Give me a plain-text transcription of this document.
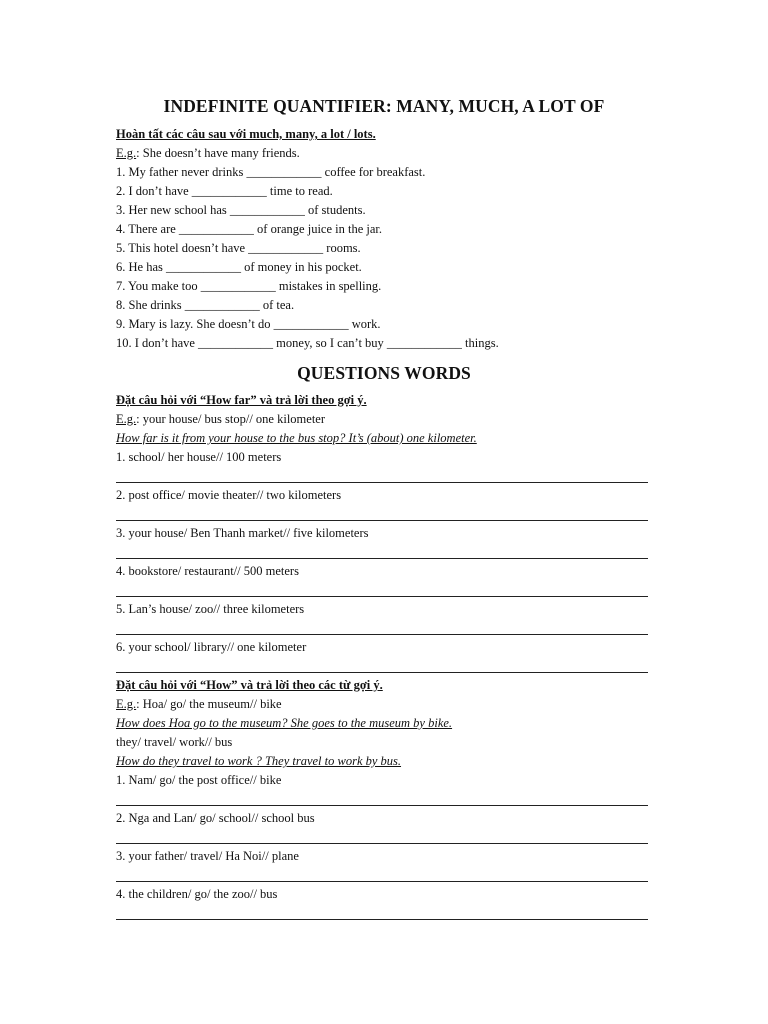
INDEFINITE QUANTIFIER: MANY, MUCH, A LOT OF
Hoàn tất các câu sau với much, many, a lot / lots.
E.g.: She doesn’t have many friends.
1. My father never drinks ____________ coffee for breakfast.
2. I don’t have ____________ time to read.
3. Her new school has ____________ of students.
4. There are ____________ of orange juice in the jar.
5. This hotel doesn’t have ____________ rooms.
6. He has ____________ of money in his pocket.
7. You make too ____________ mistakes in spelling.
8. She drinks ____________ of tea.
9. Mary is lazy. She doesn’t do ____________ work.
10. I don’t have ____________ money, so I can’t buy ____________ things.
QUESTIONS WORDS
Đặt câu hỏi với “How far” và trả lời theo gợi ý.
E.g.: your house/ bus stop// one kilometer
How far is it from your house to the bus stop? It’s (about) one kilometer.
1. school/ her house// 100 meters
2. post office/ movie theater// two kilometers
3. your house/ Ben Thanh market// five kilometers
4. bookstore/ restaurant// 500 meters
5. Lan’s house/ zoo// three kilometers
6. your school/ library// one kilometer
Đặt câu hỏi với “How” và trả lời theo các từ gợi ý.
E.g.: Hoa/ go/ the museum// bike
How does Hoa go to the museum? She goes to the museum by bike.
they/ travel/ work// bus
How do they travel to work ? They travel to work by bus.
1. Nam/ go/ the post office// bike
2. Nga and Lan/ go/ school// school bus
3. your father/ travel/ Ha Noi// plane
4. the children/ go/ the zoo// bus
